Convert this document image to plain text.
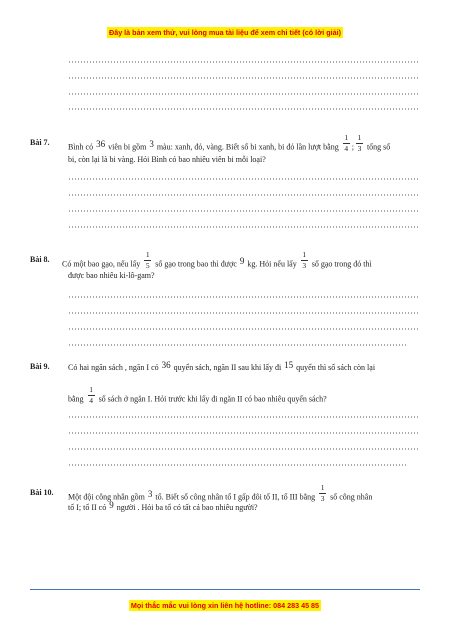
Đây là bản xem thử, vui lòng mua tài liệu để xem chi tiết (có lời giải)
Bài 7. Bình có 36 viên bi gồm 3 màu: xanh, đỏ, vàng. Biết số bi xanh, bi đỏ lần lượt bằng $\frac{1}{4}$ ; $\frac{1}{3}$ tổng số
bi, còn lại là bi vàng. Hỏi Bình có bao nhiêu viên bi mỗi loại?
Bài 8. Có một bao gạo, nếu lấy $\frac{1}{5}$ số gạo trong bao thì được 9 kg. Hỏi nếu lấy $\frac{1}{3}$ số gạo trong đó thì
được bao nhiêu ki-lô-gam?
Bài 9. Có hai ngăn sách , ngăn I có 36 quyển sách, ngăn II sau khi lấy đi 15 quyển thì số sách còn lại
bằng $\frac{1}{4}$ số sách ở ngăn I. Hỏi trước khi lấy đi ngăn II có bao nhiêu quyển sách?
Bài 10. Một đội công nhân gồm 3 tổ. Biết số công nhân tổ I gấp đôi tổ II, tổ III bằng $\frac{1}{3}$ số công nhân
tổ I; tổ II có 9 người . Hỏi ba tổ có tất cả bao nhiêu người?
Mọi thắc mắc vui lòng xin liên hệ hotline: 084 283 45 85
